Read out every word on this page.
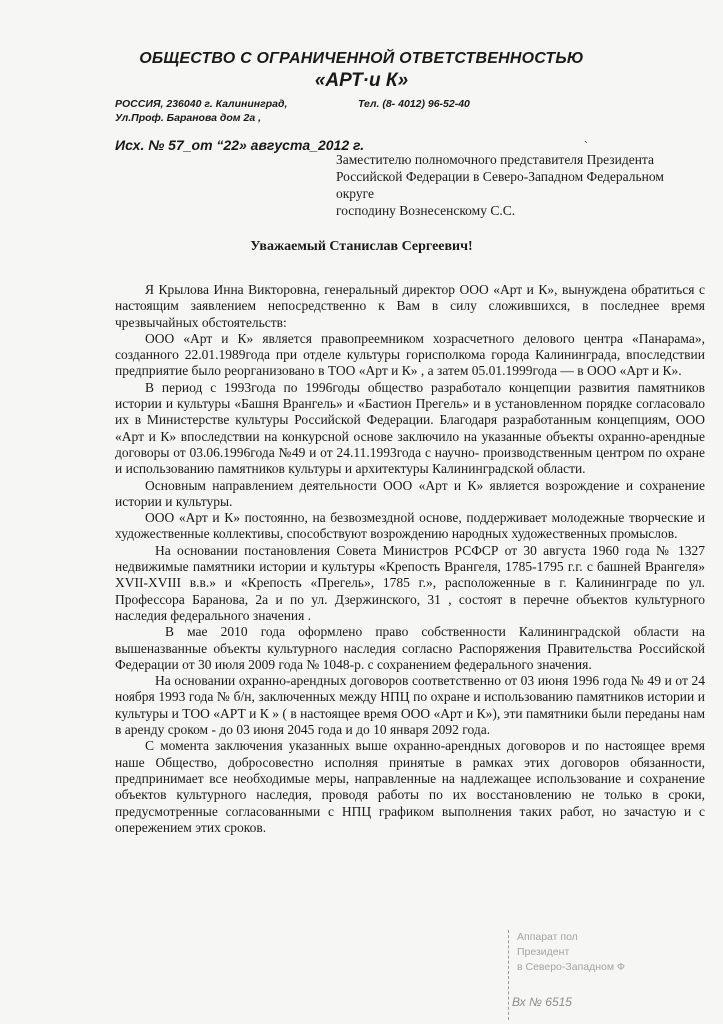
ОБЩЕСТВО С ОГРАНИЧЕННОЙ ОТВЕТСТВЕННОСТЬЮ
«АРТ·и К»
РОССИЯ, 236040 г. Калининград,
Ул.Проф. Баранова дом 2а ,
Тел. (8- 4012) 96-52-40
Исх. № 57_от “22» августа_2012 г.	˴
Заместителю полномочного представителя Президента
Российской Федерации в Северо-Западном Федеральном
округе
господину Вознесенскому С.С.
Уважаемый Станислав Сергеевич!

Я Крылова Инна Викторовна, генеральный директор ООО «Арт и К», вынуждена обратиться с настоящим заявлением непосредственно к Вам в силу сложившихся, в последнее время чрезвычайных обстоятельств:

ООО «Арт и К» является правопреемником хозрасчетного делового центра «Панарама», созданного 22.01.1989года при отделе культуры горисполкома города Калининграда, впоследствии предприятие было реорганизовано в ТОО «Арт и К» , а затем 05.01.1999года — в ООО «Арт и К».

В период с 1993года по 1996годы общество разработало концепции развития памятников истории и культуры «Башня Врангель» и «Бастион Прегель» и в установленном порядке согласовало их в Министерстве культуры Российской Федерации. Благодаря разработанным концепциям, ООО «Арт и К» впоследствии на конкурсной основе заключило на указанные объекты охранно-арендные договоры от 03.06.1996года №49 и от 24.11.1993года с научно- производственным центром по охране и использованию памятников культуры и архитектуры Калининградской области.

Основным направлением деятельности ООО «Арт и К» является возрождение и сохранение истории и культуры.

ООО «Арт и К» постоянно, на безвозмездной основе, поддерживает молодежные творческие и художественные коллективы, способствуют возрождению народных художественных промыслов.

На основании постановления Совета Министров РСФСР от 30 августа 1960 года № 1327 недвижимые памятники истории и культуры «Крепость Врангеля, 1785-1795 г.г. с башней Врангеля» XVII-XVIII в.в.» и «Крепость «Прегель», 1785 г.», расположенные в г. Калининграде по ул. Профессора Баранова, 2а и по ул. Дзержинского, 31 , состоят в перечне объектов культурного наследия федерального значения .

В мае 2010 года оформлено право собственности Калининградской области на вышеназванные объекты культурного наследия согласно Распоряжения Правительства Российской Федерации от 30 июля 2009 года № 1048-р. с сохранением федерального значения.

На основании охранно-арендных договоров соответственно от 03 июня 1996 года № 49 и от 24 ноября 1993 года № б/н, заключенных между НПЦ по охране и использованию памятников истории и культуры и ТОО «АРТ и К » ( в настоящее время ООО «Арт и К»), эти памятники были переданы нам в аренду сроком - до 03 июня 2045 года и до 10 января 2092 года.

С момента заключения указанных выше охранно-арендных договоров и по настоящее время наше Общество, добросовестно исполняя принятые в рамках этих договоров обязанности, предпринимает все необходимые меры, направленные на надлежащее использование и сохранение объектов культурного наследия, проводя работы по их восстановлению не только в сроки, предусмотренные согласованными с НПЦ графиком выполнения таких работ, но зачастую и с опережением этих сроков.

Аппарат пол
Президент
в Северо-Западном Ф
Вх № 6515
